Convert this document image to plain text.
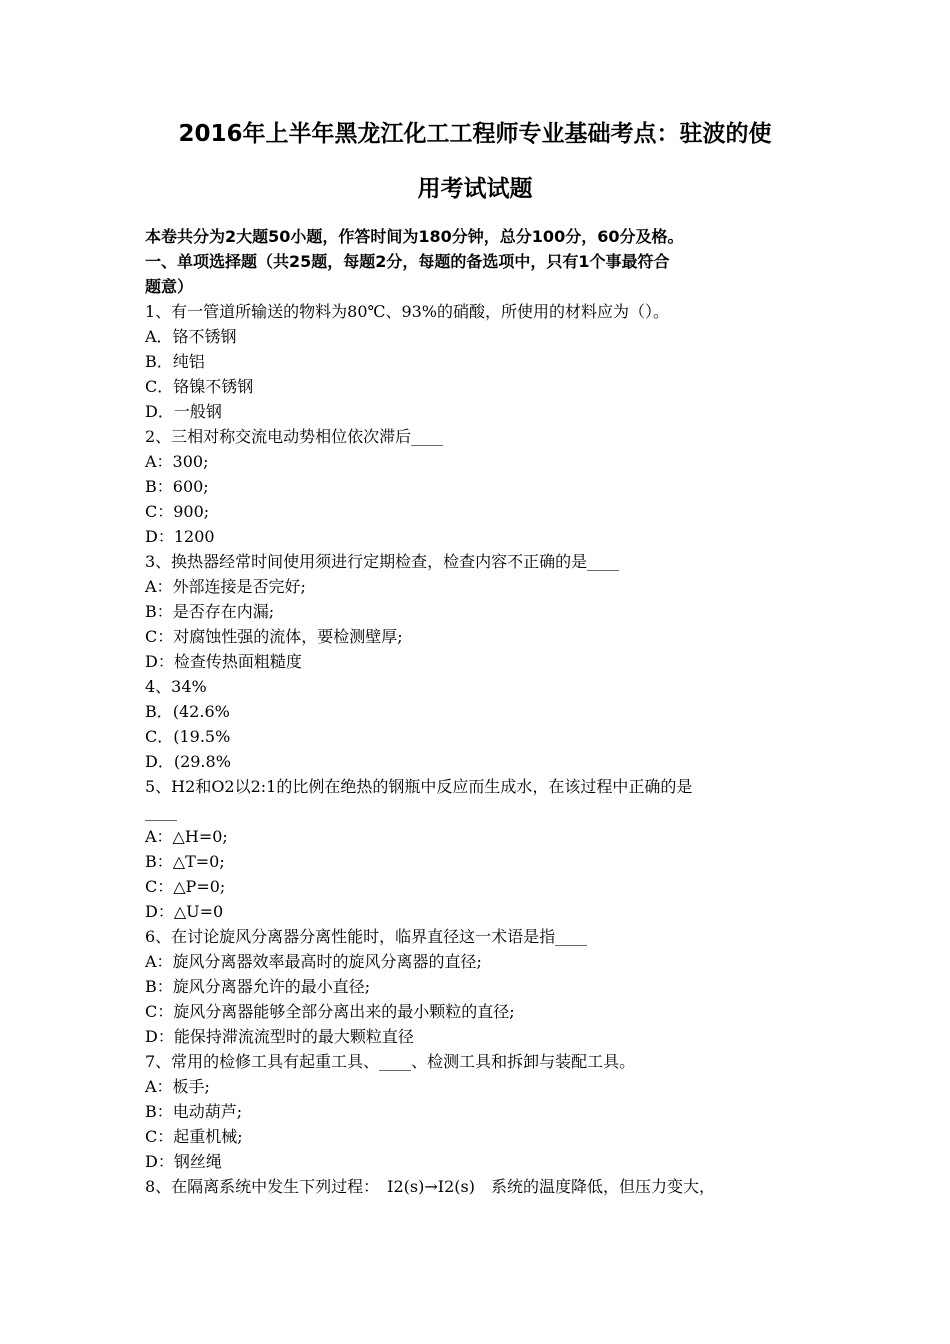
2016年上半年黑龙江化工工程师专业基础考点：驻波的使
用考试试题
本卷共分为2大题50小题，作答时间为180分钟，总分100分，60分及格。
一、单项选择题（共25题，每题2分，每题的备选项中，只有1个事最符合
题意）
1、有一管道所输送的物料为80℃、93%的硝酸，所使用的材料应为（）。
A．铬不锈钢
B．纯铝
C．铬镍不锈钢
D．一般钢
2、三相对称交流电动势相位依次滞后____
A：300;
B：600;
C：900;
D：1200
3、换热器经常时间使用须进行定期检查，检查内容不正确的是____
A：外部连接是否完好;
B：是否存在内漏;
C：对腐蚀性强的流体，要检测壁厚;
D：检查传热面粗糙度
4、34%
B．(42.6%
C．(19.5%
D．(29.8%
5、H2和O2以2:1的比例在绝热的钢瓶中反应而生成水，在该过程中正确的是
____
A：△H=0;
B：△T=0;
C：△P=0;
D：△U=0
6、在讨论旋风分离器分离性能时，临界直径这一术语是指____
A：旋风分离器效率最高时的旋风分离器的直径;
B：旋风分离器允许的最小直径;
C：旋风分离器能够全部分离出来的最小颗粒的直径;
D：能保持滞流流型时的最大颗粒直径
7、常用的检修工具有起重工具、____、检测工具和拆卸与装配工具。
A：板手;
B：电动葫芦;
C：起重机械;
D：钢丝绳
8、在隔离系统中发生下列过程：　I2(s)→I2(s)　系统的温度降低，但压力变大，
